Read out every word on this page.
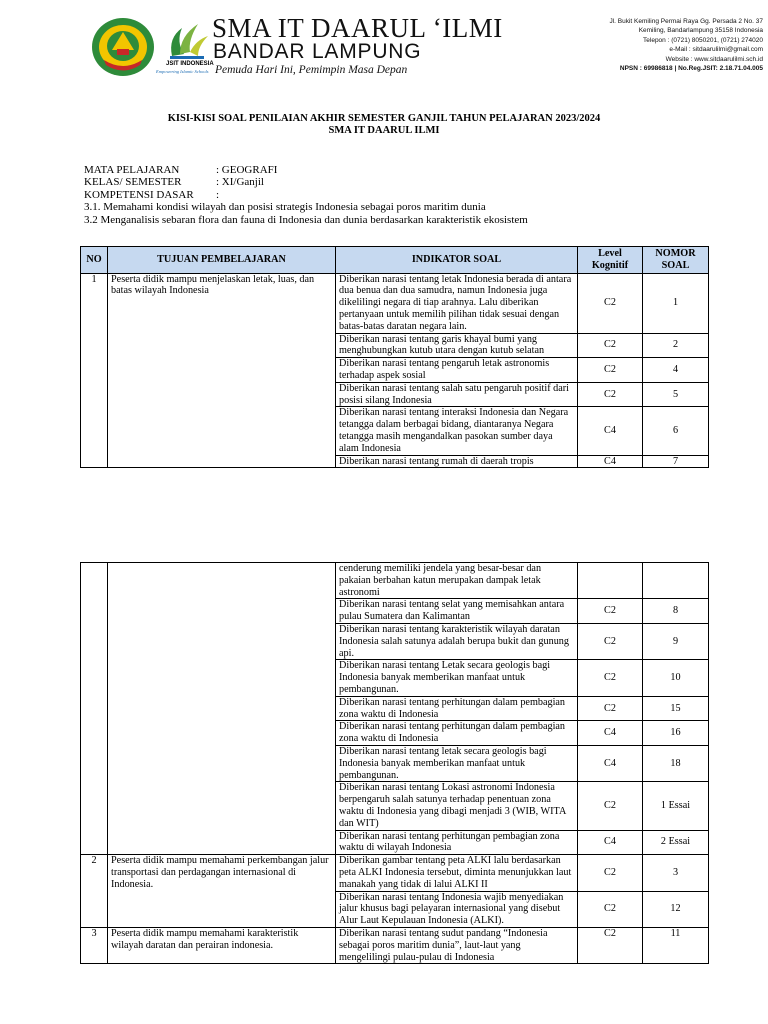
JSIT INDONESIA
Empowering Islamic Schools
SMA IT DAARUL ‘ILMI
BANDAR LAMPUNG
Pemuda Hari Ini, Pemimpin Masa Depan
Jl. Bukit Kemiling Permai Raya Gg. Persada 2 No. 37
Kemiling, Bandarlampung 35158 Indonesia
Telepon : (0721) 8050201, (0721) 274020
e-Mail : sitdaarulilmi@gmail.com
Website : www.sitdaarulilmi.sch.id
NPSN : 69986818 | No.Reg.JSIT: 2.18.71.04.005
KISI-KISI SOAL PENILAIAN AKHIR SEMESTER GANJIL TAHUN PELAJARAN 2023/2024
SMA IT DAARUL ILMI
MATA PELAJARAN	: GEOGRAFI
KELAS/ SEMESTER	: XI/Ganjil
KOMPETENSI DASAR :
3.1. Memahami kondisi wilayah dan posisi strategis Indonesia sebagai poros maritim dunia
3.2 Menganalisis sebaran flora dan fauna di Indonesia dan dunia berdasarkan karakteristik ekosistem
NO	TUJUAN PEMBELAJARAN	INDIKATOR SOAL	Level Kognitif	NOMOR SOAL
1	Peserta didik mampu menjelaskan letak, luas, dan batas wilayah Indonesia	Diberikan narasi tentang letak Indonesia berada di antara dua benua dan dua samudra, namun Indonesia juga dikelilingi negara di tiap arahnya. Lalu diberikan pertanyaan untuk memilih pilihan tidak sesuai dengan batas-batas daratan negara lain.	C2	1
		Diberikan narasi tentang garis khayal bumi yang menghubungkan kutub utara dengan kutub selatan	C2	2
		Diberikan narasi tentang pengaruh letak astronomis terhadap aspek sosial	C2	4
		Diberikan narasi tentang salah satu pengaruh positif dari posisi silang Indonesia	C2	5
		Diberikan narasi tentang interaksi Indonesia dan Negara tetangga dalam berbagai bidang, diantaranya Negara tetangga masih mengandalkan pasokan sumber daya alam Indonesia	C4	6
		Diberikan narasi tentang rumah di daerah tropis	C4	7
		cenderung memiliki jendela yang besar-besar dan pakaian berbahan katun merupakan dampak letak astronomi		
		Diberikan narasi tentang selat yang memisahkan antara pulau Sumatera dan Kalimantan	C2	8
		Diberikan narasi tentang karakteristik wilayah daratan Indonesia salah satunya adalah berupa bukit dan gunung api.	C2	9
		Diberikan narasi tentang Letak secara geologis bagi Indonesia banyak memberikan manfaat untuk pembangunan.	C2	10
		Diberikan narasi tentang perhitungan dalam pembagian zona waktu di Indonesia	C2	15
		Diberikan narasi tentang perhitungan dalam pembagian zona waktu di Indonesia	C4	16
		Diberikan narasi tentang letak secara geologis bagi Indonesia banyak memberikan manfaat untuk pembangunan.	C4	18
		Diberikan narasi tentang Lokasi astronomi Indonesia berpengaruh salah satunya terhadap penentuan zona waktu di Indonesia yang dibagi menjadi 3 (WIB, WITA dan WIT)	C2	1 Essai
		Diberikan narasi tentang perhitungan pembagian zona waktu di wilayah Indonesia	C4	2 Essai
2	Peserta didik mampu memahami perkembangan jalur transportasi dan perdagangan internasional di Indonesia.	Diberikan gambar tentang peta ALKI lalu berdasarkan peta ALKI Indonesia tersebut, diminta menunjukkan laut manakah yang tidak di lalui ALKI II	C2	3
		Diberikan narasi tentang Indonesia wajib menyediakan jalur khusus bagi pelayaran internasional yang disebut Alur Laut Kepulauan Indonesia (ALKI).	C2	12
3	Peserta didik mampu memahami karakteristik wilayah daratan dan perairan indonesia.	Diberikan narasi tentang sudut pandang “Indonesia sebagai poros maritim dunia”, laut-laut yang mengelilingi pulau-pulau di Indonesia	C2	11
